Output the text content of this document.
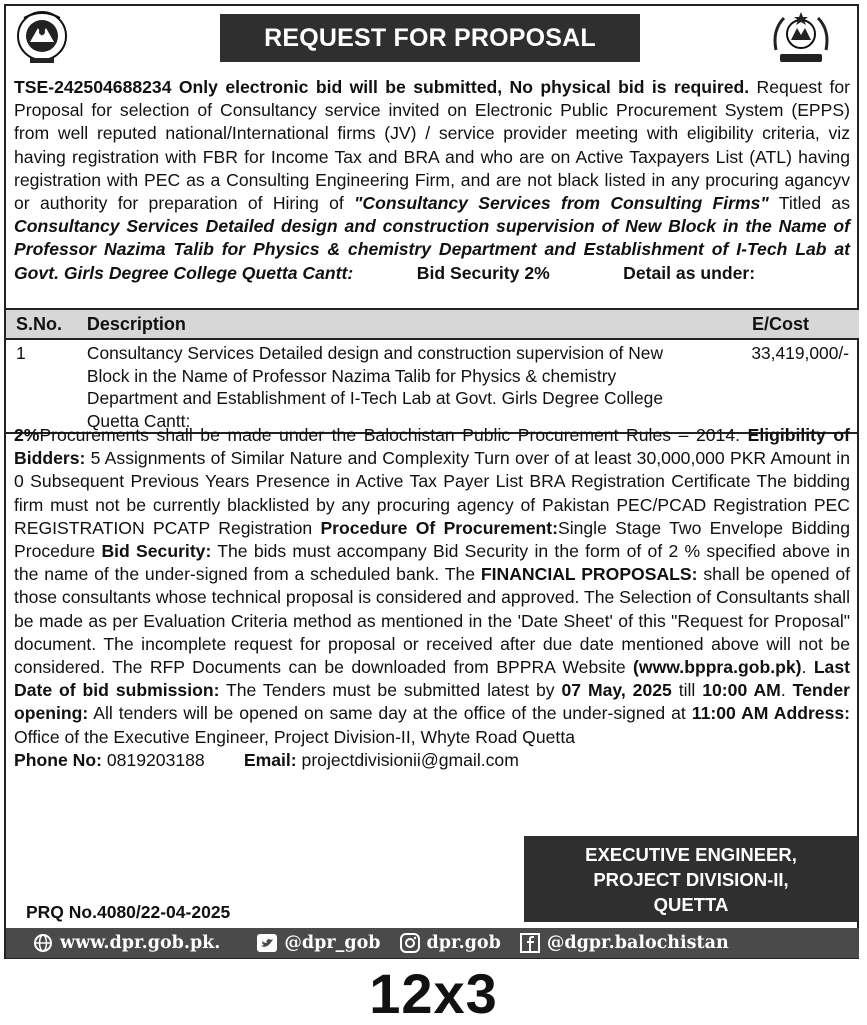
REQUEST FOR PROPOSAL
TSE-242504688234 Only electronic bid will be submitted, No physical bid is required. Request for Proposal for selection of Consultancy service invited on Electronic Public Procurement System (EPPS) from well reputed national/International firms (JV) / service provider meeting with eligibility criteria, viz having registration with FBR for Income Tax and BRA and who are on Active Taxpayers List (ATL) having registration with PEC as a Consulting Engineering Firm, and are not black listed in any procuring agancyv or authority for preparation of Hiring of "Consultancy Services from Consulting Firms" Titled as Consultancy Services Detailed design and construction supervision of New Block in the Name of Professor Nazima Talib for Physics & chemistry Department and Establishment of I-Tech Lab at Govt. Girls Degree College Quetta Cantt:	Bid Security 2%	Detail as under:
S.No.	Description	E/Cost
1	Consultancy Services Detailed design and construction supervision of New Block in the Name of Professor Nazima Talib for Physics & chemistry Department and Establishment of I-Tech Lab at Govt. Girls Degree College Quetta Cantt:	33,419,000/-
2%Procurements shall be made under the Balochistan Public Procurement Rules – 2014. Eligibility of Bidders: 5 Assignments of Similar Nature and Complexity Turn over of at least 30,000,000 PKR Amount in 0 Subsequent Previous Years Presence in Active Tax Payer List BRA Registration Certificate The bidding firm must not be currently blacklisted by any procuring agency of Pakistan PEC/PCAD Registration PEC REGISTRATION PCATP Registration Procedure Of Procurement:Single Stage Two Envelope Bidding Procedure Bid Security: The bids must accompany Bid Security in the form of of 2 % specified above in the name of the under-signed from a scheduled bank. The FINANCIAL PROPOSALS: shall be opened of those consultants whose technical proposal is considered and approved. The Selection of Consultants shall be made as per Evaluation Criteria method as mentioned in the 'Date Sheet' of this "Request for Proposal" document. The incomplete request for proposal or received after due date mentioned above will not be considered. The RFP Documents can be downloaded from BPPRA Website (www.bppra.gob.pk). Last Date of bid submission: The Tenders must be submitted latest by 07 May, 2025 till 10:00 AM. Tender opening: All tenders will be opened on same day at the office of the under-signed at 11:00 AM Address: Office of the Executive Engineer, Project Division-II, Whyte Road Quetta
Phone No: 0819203188 Email: projectdivisionii@gmail.com
EXECUTIVE ENGINEER,
PROJECT DIVISION-II,
QUETTA
PRQ No.4080/22-04-2025
www.dpr.gob.pk.	@dpr_gob	dpr.gob	@dgpr.balochistan
12x3
